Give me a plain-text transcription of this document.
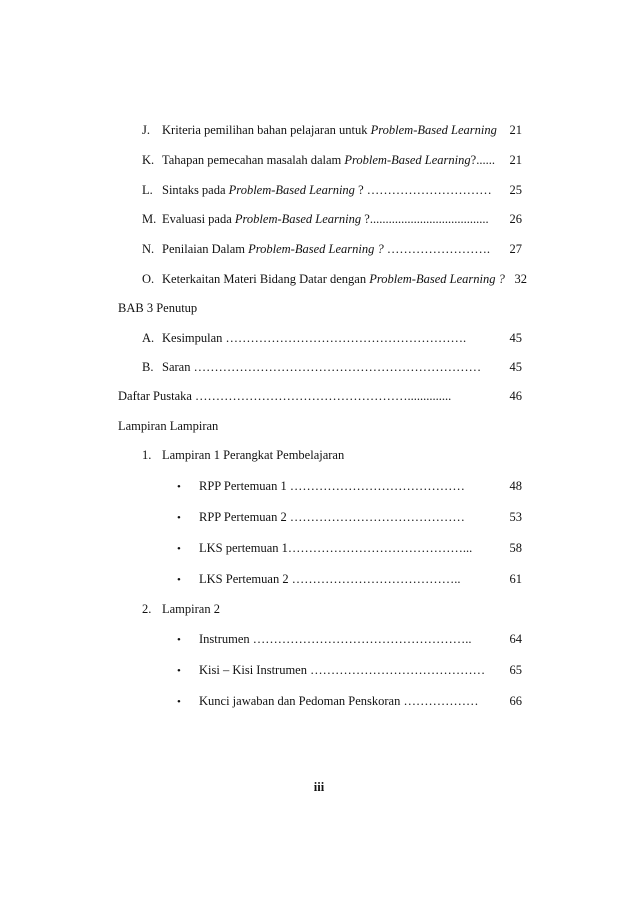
J. Kriteria pemilihan bahan pelajaran untuk Problem-Based Learning 21
K. Tahapan pemecahan masalah dalam Problem-Based Learning?......	21
L. Sintaks pada Problem-Based Learning ? …………………………	25
M. Evaluasi pada Problem-Based Learning ?......................................	26
N. Penilaian Dalam Problem-Based Learning ? …………………….	27
O. Keterkaitan Materi Bidang Datar dengan Problem-Based Learning ? 32
BAB 3 Penutup
A. Kesimpulan ………………………………………………….	45
B. Saran ……………………………………………………………	45
Daftar Pustaka ……………………………………………..............	46
Lampiran Lampiran
1. Lampiran 1 Perangkat Pembelajaran
•	RPP Pertemuan 1 ……………………………………	48
•	RPP Pertemuan 2 ……………………………………	53
•	LKS pertemuan 1……………………………………...	58
•	LKS Pertemuan 2 …………………………………..	61
2. Lampiran 2
•	Instrumen ……………………………………………..	64
•	Kisi – Kisi Instrumen ……………………………………	65
•	Kunci jawaban dan Pedoman Penskoran ………………	66
iii
